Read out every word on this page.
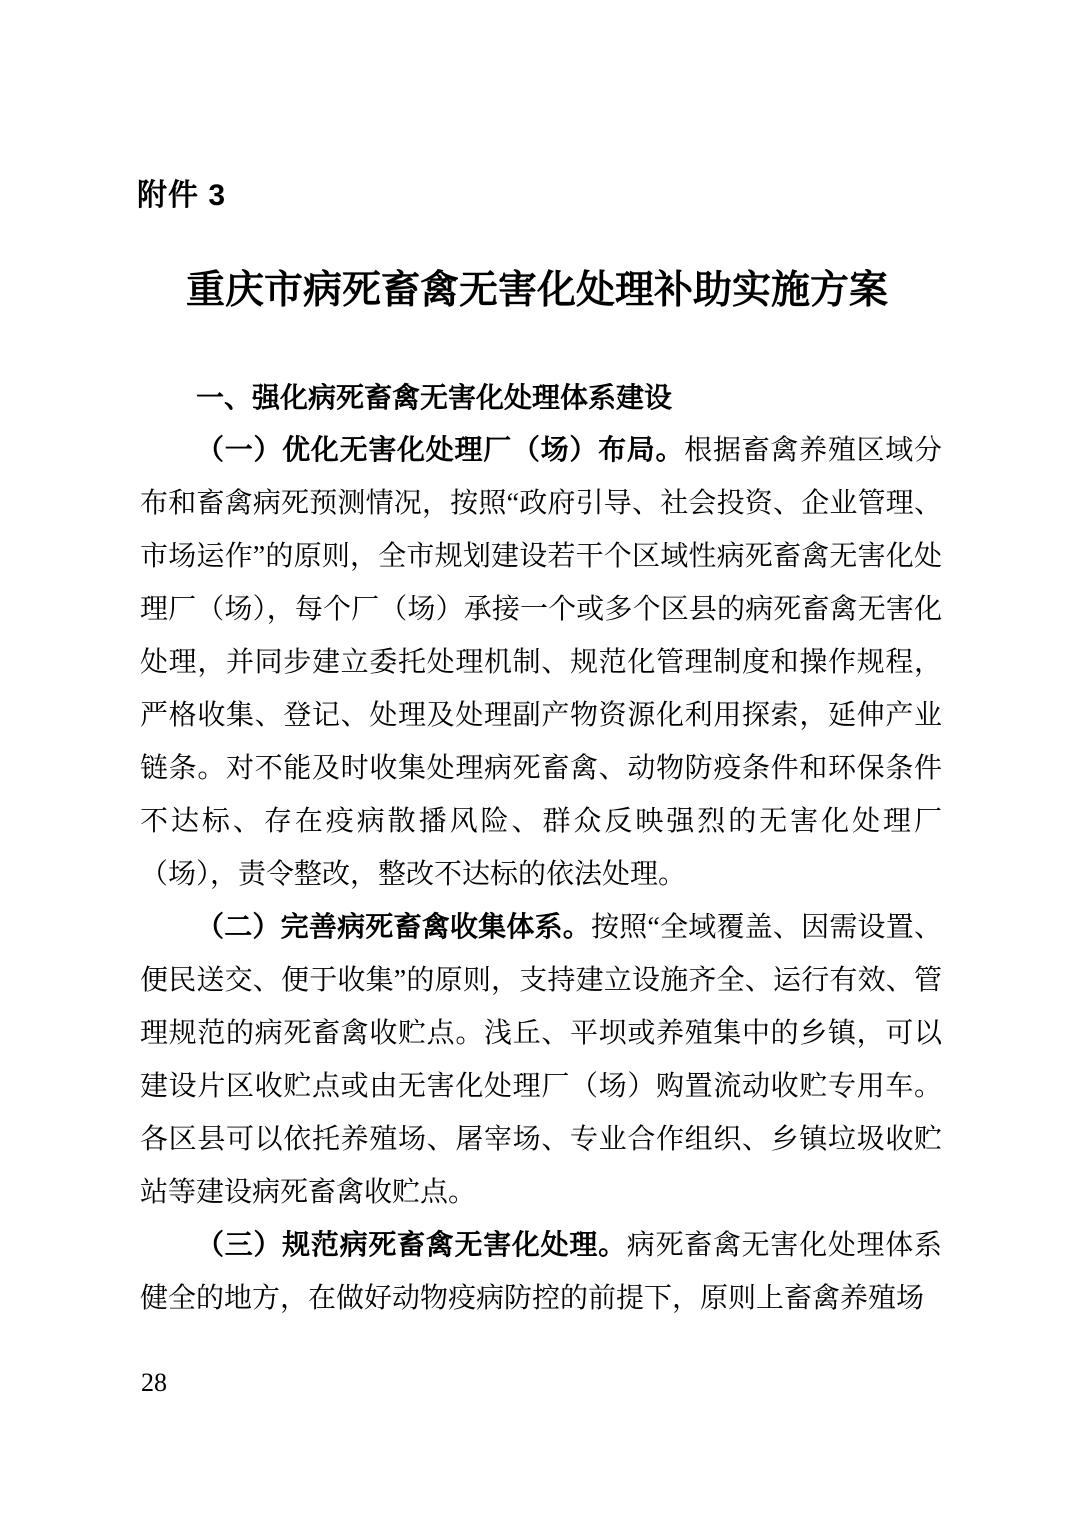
附件 3
重庆市病死畜禽无害化处理补助实施方案
一、强化病死畜禽无害化处理体系建设

（一）优化无害化处理厂（场）布局。根据畜禽养殖区域分布和畜禽病死预测情况，按照“政府引导、社会投资、企业管理、市场运作”的原则，全市规划建设若干个区域性病死畜禽无害化处理厂（场），每个厂（场）承接一个或多个区县的病死畜禽无害化处理，并同步建立委托处理机制、规范化管理制度和操作规程，严格收集、登记、处理及处理副产物资源化利用探索，延伸产业链条。对不能及时收集处理病死畜禽、动物防疫条件和环保条件不达标、存在疫病散播风险、群众反映强烈的无害化处理厂（场），责令整改，整改不达标的依法处理。

（二）完善病死畜禽收集体系。按照“全域覆盖、因需设置、便民送交、便于收集”的原则，支持建立设施齐全、运行有效、管理规范的病死畜禽收贮点。浅丘、平坝或养殖集中的乡镇，可以建设片区收贮点或由无害化处理厂（场）购置流动收贮专用车。各区县可以依托养殖场、屠宰场、专业合作组织、乡镇垃圾收贮站等建设病死畜禽收贮点。

（三）规范病死畜禽无害化处理。病死畜禽无害化处理体系健全的地方，在做好动物疫病防控的前提下，原则上畜禽养殖场

28
